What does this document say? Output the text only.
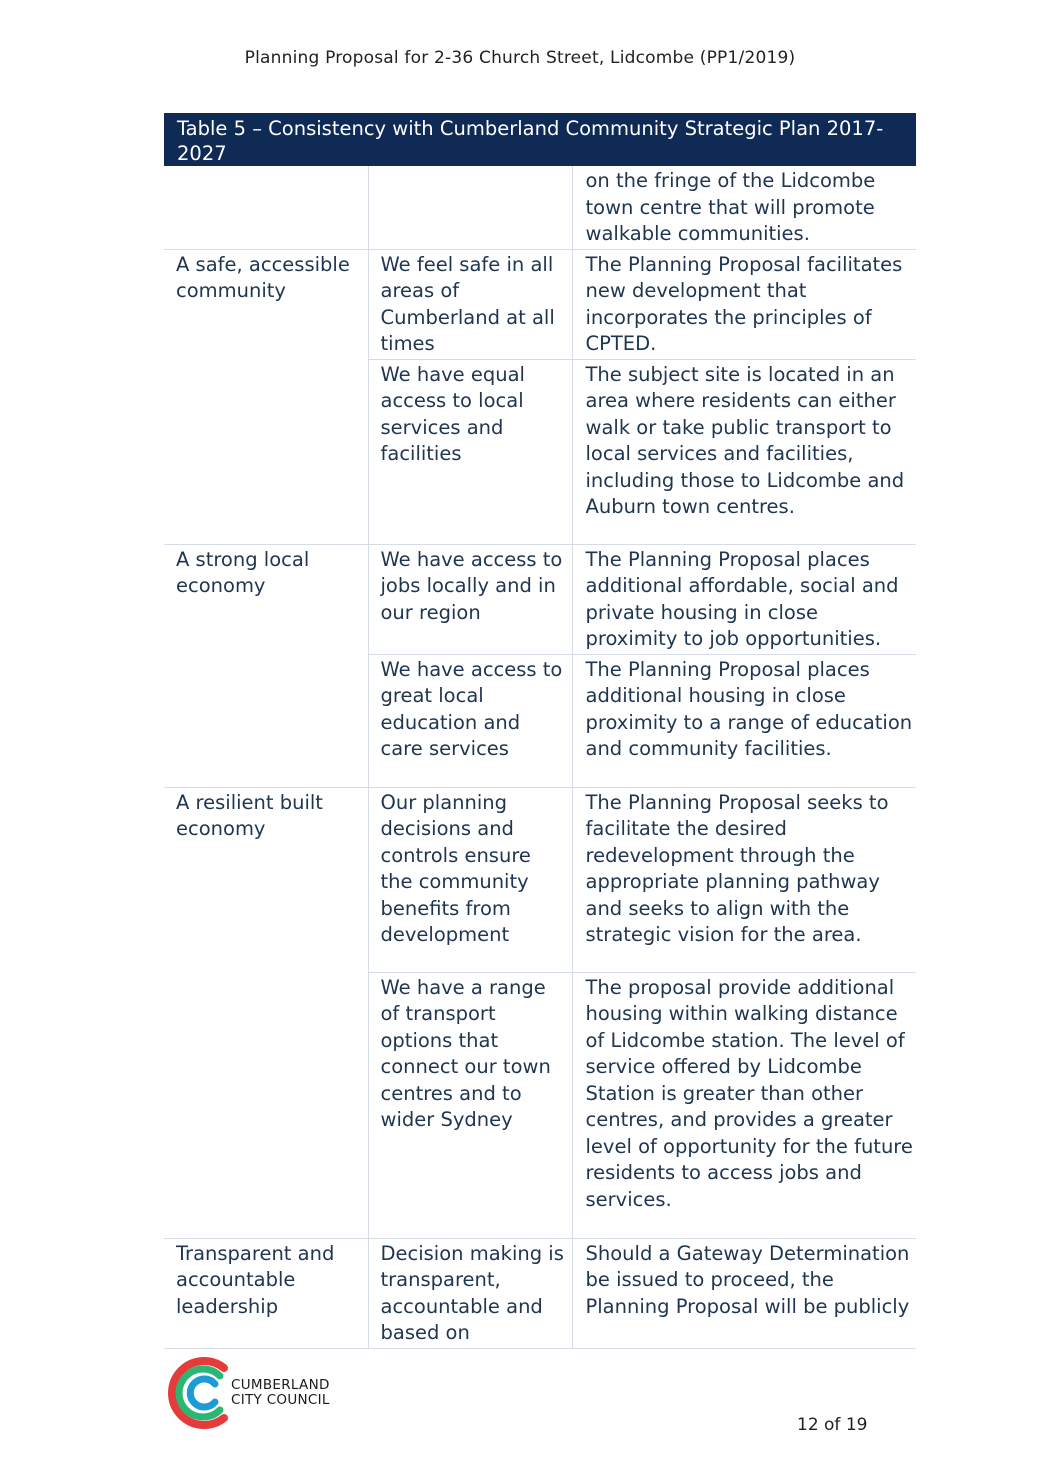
Planning Proposal for 2-36 Church Street, Lidcombe (PP1/2019)
Table 5 – Consistency with Cumberland Community Strategic Plan 2017-2027
		on the fringe of the Lidcombe town centre that will promote walkable communities.
A safe, accessible community	We feel safe in all areas of Cumberland at all times	The Planning Proposal facilitates new development that incorporates the principles of CPTED.
	We have equal access to local services and facilities	The subject site is located in an area where residents can either walk or take public transport to local services and facilities, including those to Lidcombe and Auburn town centres.
A strong local economy	We have access to jobs locally and in our region	The Planning Proposal places additional affordable, social and private housing in close proximity to job opportunities.
	We have access to great local education and care services	The Planning Proposal places additional housing in close proximity to a range of education and community facilities.
A resilient built economy	Our planning decisions and controls ensure the community benefits from development	The Planning Proposal seeks to facilitate the desired redevelopment through the appropriate planning pathway and seeks to align with the strategic vision for the area.
	We have a range of transport options that connect our town centres and to wider Sydney	The proposal provide additional housing within walking distance of Lidcombe station. The level of service offered by Lidcombe Station is greater than other centres, and provides a greater level of opportunity for the future residents to access jobs and services.
Transparent and accountable leadership	Decision making is transparent, accountable and based on	Should a Gateway Determination be issued to proceed, the Planning Proposal will be publicly
CUMBERLAND
CITY COUNCIL
12 of 19
